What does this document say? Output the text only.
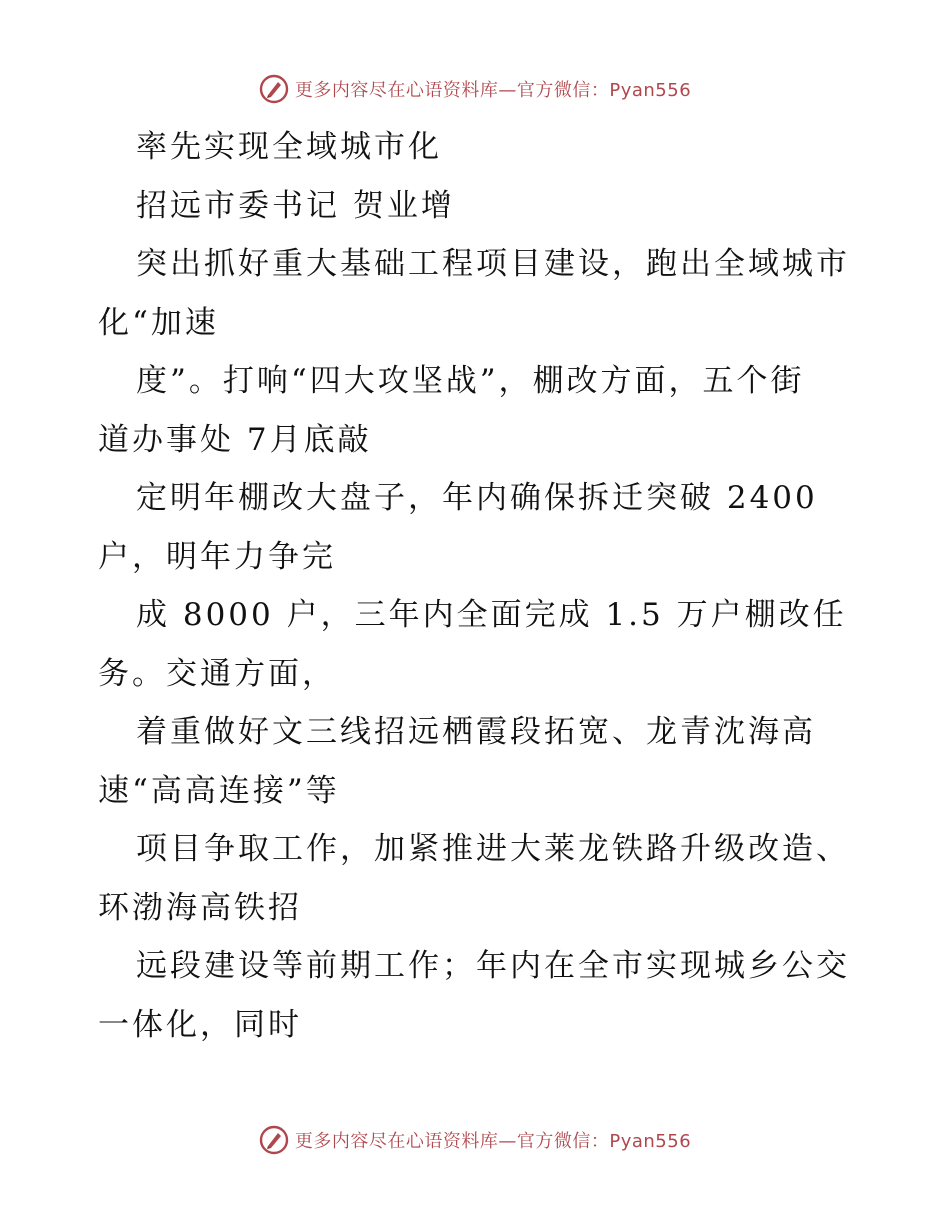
更多内容尽在心语资料库—官方微信：Pyan556
率先实现全域城市化
招远市委书记 贺业增
突出抓好重大基础工程项目建设，跑出全域城市
化“加速
度”。打响“四大攻坚战”，棚改方面，五个街
道办事处 7月底敲
定明年棚改大盘子，年内确保拆迁突破 2400
户，明年力争完
成 8000 户，三年内全面完成 1.5 万户棚改任
务。交通方面，
着重做好文三线招远栖霞段拓宽、龙青沈海高
速“高高连接”等
项目争取工作，加紧推进大莱龙铁路升级改造、
环渤海高铁招
远段建设等前期工作；年内在全市实现城乡公交
一体化，同时
更多内容尽在心语资料库—官方微信：Pyan556
